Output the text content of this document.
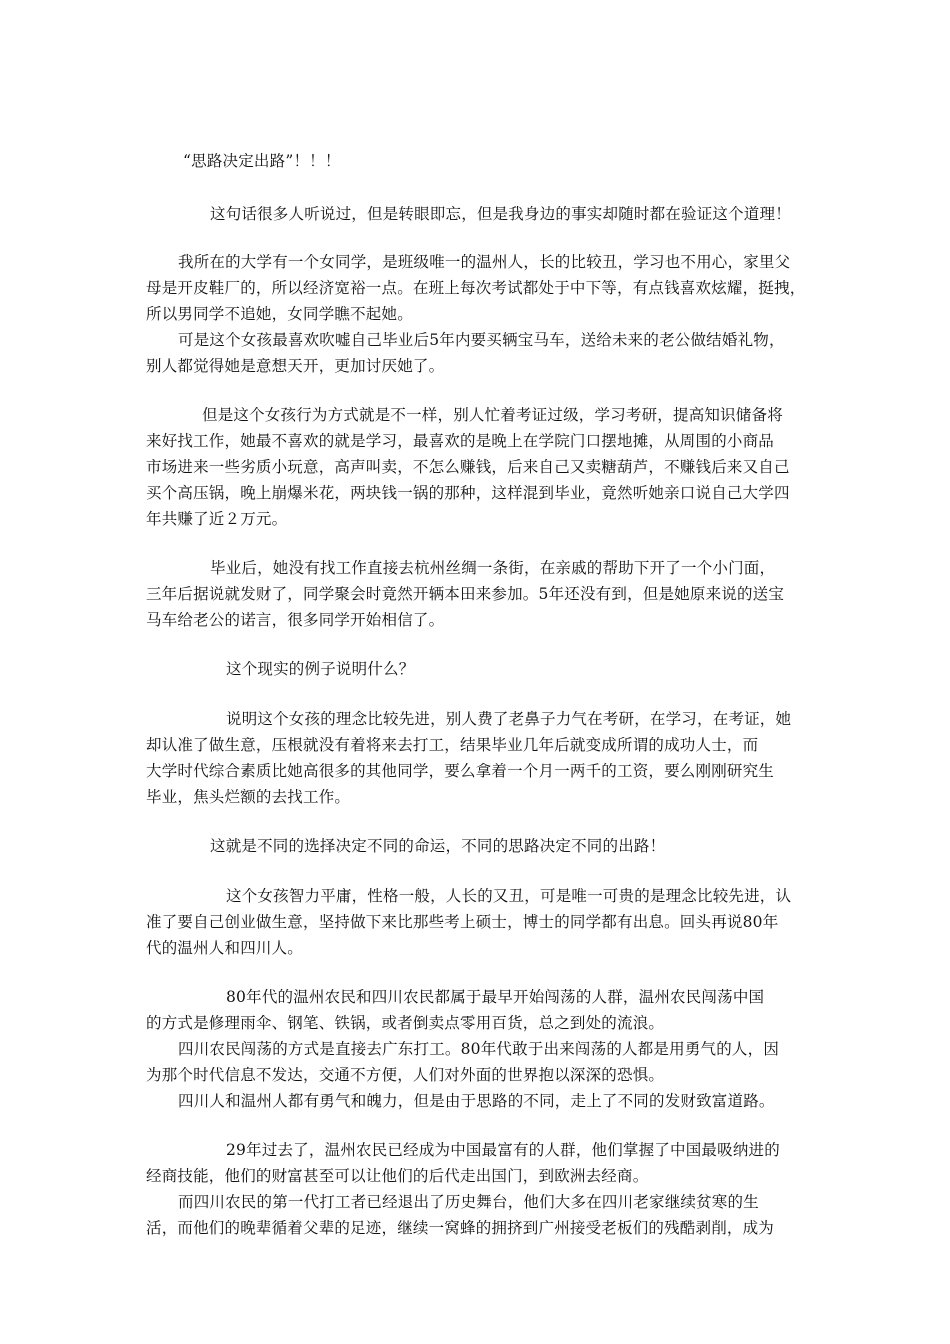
“思路决定出路”！！！
这句话很多人听说过，但是转眼即忘，但是我身边的事实却随时都在验证这个道理！
我所在的大学有一个女同学，是班级唯一的温州人，长的比较丑，学习也不用心，家里父
母是开皮鞋厂的，所以经济宽裕一点。在班上每次考试都处于中下等，有点钱喜欢炫耀，挺拽，
所以男同学不追她，女同学瞧不起她。
可是这个女孩最喜欢吹嘘自己毕业后5年内要买辆宝马车，送给未来的老公做结婚礼物，
别人都觉得她是意想天开，更加讨厌她了。
但是这个女孩行为方式就是不一样，别人忙着考证过级，学习考研，提高知识储备将
来好找工作，她最不喜欢的就是学习，最喜欢的是晚上在学院门口摆地摊，从周围的小商品
市场进来一些劣质小玩意，高声叫卖，不怎么赚钱，后来自己又卖糖葫芦，不赚钱后来又自己
买个高压锅，晚上崩爆米花，两块钱一锅的那种，这样混到毕业，竟然听她亲口说自己大学四
年共赚了近２万元。
毕业后，她没有找工作直接去杭州丝绸一条街，在亲戚的帮助下开了一个小门面，
三年后据说就发财了，同学聚会时竟然开辆本田来参加。5年还没有到，但是她原来说的送宝
马车给老公的诺言，很多同学开始相信了。
这个现实的例子说明什么？
说明这个女孩的理念比较先进，别人费了老鼻子力气在考研，在学习，在考证，她
却认准了做生意，压根就没有着将来去打工，结果毕业几年后就变成所谓的成功人士，而
大学时代综合素质比她高很多的其他同学，要么拿着一个月一两千的工资，要么刚刚研究生
毕业，焦头烂额的去找工作。
这就是不同的选择决定不同的命运，不同的思路决定不同的出路！
这个女孩智力平庸，性格一般，人长的又丑，可是唯一可贵的是理念比较先进，认
准了要自己创业做生意，坚持做下来比那些考上硕士，博士的同学都有出息。回头再说80年
代的温州人和四川人。
80年代的温州农民和四川农民都属于最早开始闯荡的人群，温州农民闯荡中国
的方式是修理雨伞、钢笔、铁锅，或者倒卖点零用百货，总之到处的流浪。
四川农民闯荡的方式是直接去广东打工。80年代敢于出来闯荡的人都是用勇气的人，因
为那个时代信息不发达，交通不方便，人们对外面的世界抱以深深的恐惧。
四川人和温州人都有勇气和魄力，但是由于思路的不同，走上了不同的发财致富道路。
29年过去了，温州农民已经成为中国最富有的人群，他们掌握了中国最吸纳进的
经商技能，他们的财富甚至可以让他们的后代走出国门，到欧洲去经商。
而四川农民的第一代打工者已经退出了历史舞台，他们大多在四川老家继续贫寒的生
活，而他们的晚辈循着父辈的足迹，继续一窝蜂的拥挤到广州接受老板们的残酷剥削，成为
